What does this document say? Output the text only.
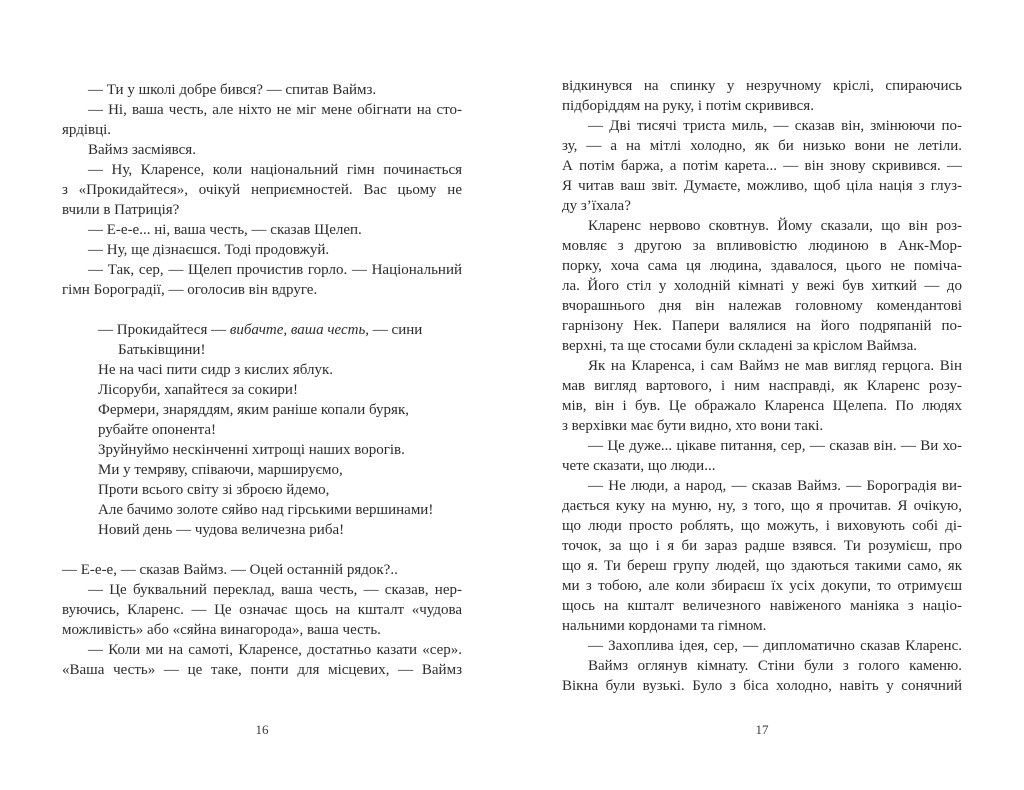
— Ти у школі добре бився? — спитав Ваймз.
— Ні, ваша честь, але ніхто не міг мене обігнати на сто-
ярдівці.
Ваймз засміявся.
— Ну, Кларенсе, коли національний гімн починається
з «Прокидайтеся», очікуй неприємностей. Вас цьому не
вчили в Патриція?
— Е-е-е... ні, ваша честь, — сказав Щелеп.
— Ну, ще дізнаєшся. Тоді продовжуй.
— Так, сер, — Щелеп прочистив горло. — Національний
гімн Бороградії, — оголосив він вдруге.
— Прокидайтеся — вибачте, ваша честь, — сини
Батьківщини!
Не на часі пити сидр з кислих яблук.
Лісоруби, хапайтеся за сокири!
Фермери, знаряддям, яким раніше копали буряк,
рубайте опонента!
Зруйнуймо нескінченні хитрощі наших ворогів.
Ми у темряву, співаючи, маршируємо,
Проти всього світу зі зброєю йдемо,
Але бачимо золоте сяйво над гірськими вершинами!
Новий день — чудова величезна риба!
— Е-е-е, — сказав Ваймз. — Оцей останній рядок?..
— Це буквальний переклад, ваша честь, — сказав, нер-
вуючись, Кларенс. — Це означає щось на кшталт «чудова
можливість» або «сяйна винагорода», ваша честь.
— Коли ми на самоті, Кларенсе, достатньо казати «сер».
«Ваша честь» — це таке, понти для місцевих, — Ваймз
відкинувся на спинку у незручному кріслі, спираючись
підборіддям на руку, і потім скривився.
— Дві тисячі триста миль, — сказав він, змінюючи по-
зу, — а на мітлі холодно, як би низько вони не летіли.
А потім баржа, а потім карета... — він знову скривився. —
Я читав ваш звіт. Думаєте, можливо, щоб ціла нація з глуз-
ду з’їхала?
Кларенс нервово сковтнув. Йому сказали, що він роз-
мовляє з другою за впливовістю людиною в Анк-Мор-
порку, хоча сама ця людина, здавалося, цього не поміча-
ла. Його стіл у холодній кімнаті у вежі був хиткий — до
вчорашнього дня він належав головному комендантові
гарнізону Нек. Папери валялися на його подряпаній по-
верхні, та ще стосами були складені за кріслом Ваймза.
Як на Кларенса, і сам Ваймз не мав вигляд герцога. Він
мав вигляд вартового, і ним насправді, як Кларенс розу-
мів, він і був. Це ображало Кларенса Щелепа. По людях
з верхівки має бути видно, хто вони такі.
— Це дуже... цікаве питання, сер, — сказав він. — Ви хо-
чете сказати, що люди...
— Не люди, а народ, — сказав Ваймз. — Бороградія ви-
дається куку на муню, ну, з того, що я прочитав. Я очікую,
що люди просто роблять, що можуть, і виховують собі ді-
точок, за що і я би зараз радше взявся. Ти розумієш, про
що я. Ти береш групу людей, що здаються такими само, як
ми з тобою, але коли збираєш їх усіх докупи, то отримуєш
щось на кшталт величезного навіженого маніяка з націо-
нальними кордонами та гімном.
— Захоплива ідея, сер, — дипломатично сказав Кларенс.
Ваймз оглянув кімнату. Стіни були з голого каменю.
Вікна були вузькі. Було з біса холодно, навіть у сонячний
16	17
